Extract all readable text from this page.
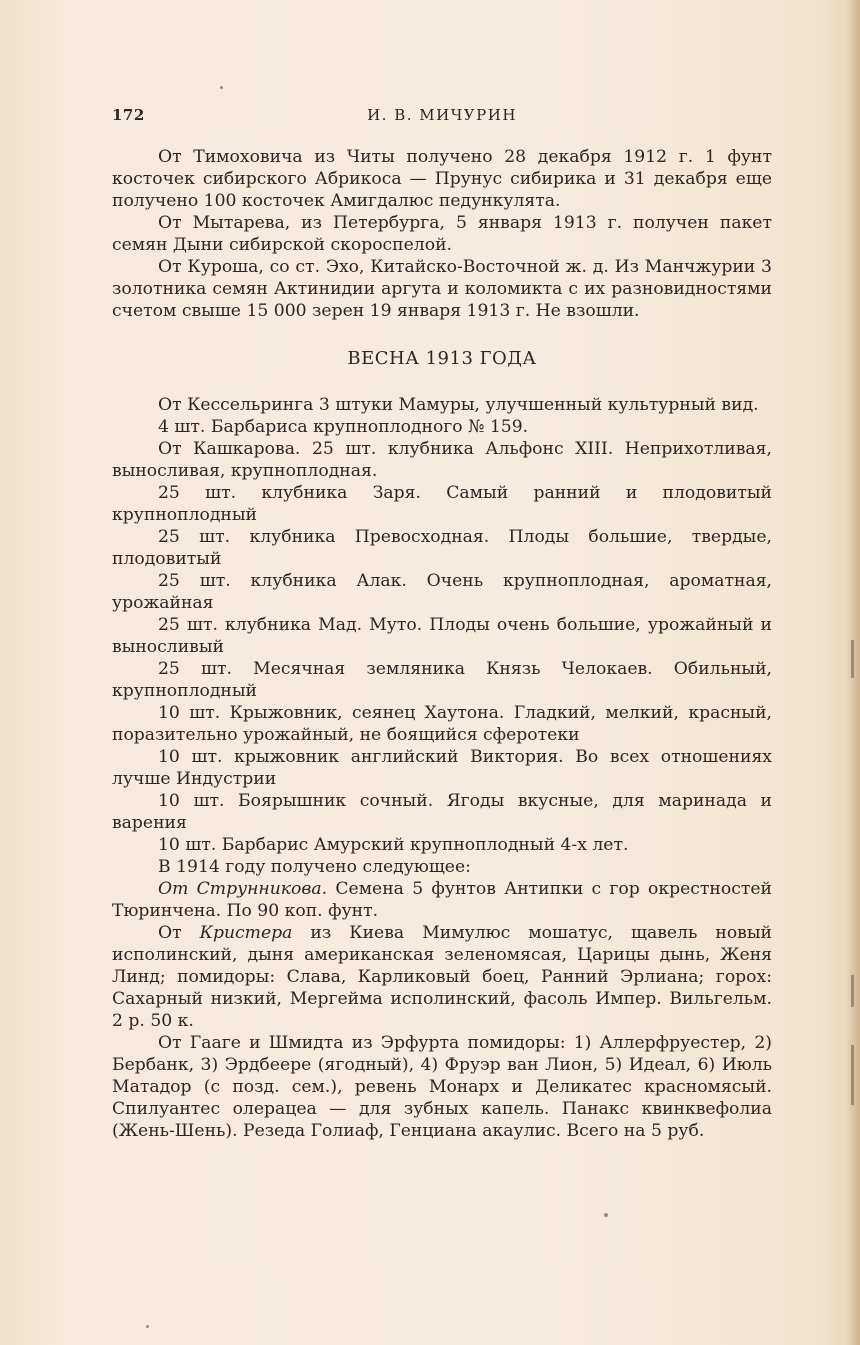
172	И. В. МИЧУРИН

От Тимоховича из Читы получено 28 декабря 1912 г. 1 фунт косточек сибирского Абрикоса — Прунус сибирика и 31 декабря еще получено 100 косточек Амигдалюс педункулята.

От Мытарева, из Петербурга, 5 января 1913 г. получен пакет семян Дыни сибирской скороспелой.

От Куроша, со ст. Эхо, Китайско-Восточной ж. д. Из Манчжурии 3 золотника семян Актинидии аргута и коломикта с их разновидностями счетом свыше 15 000 зерен 19 января 1913 г. Не взошли.

ВЕСНА 1913 ГОДА

От Кессельринга 3 штуки Мамуры, улучшенный культурный вид.

4 шт. Барбариса крупноплодного № 159.

От Кашкарова. 25 шт. клубника Альфонс XIII. Неприхотливая, выносливая, крупноплодная.

25 шт. клубника Заря. Самый ранний и плодовитый крупноплодный

25 шт. клубника Превосходная. Плоды большие, твердые, плодовитый

25 шт. клубника Алак. Очень крупноплодная, ароматная, урожайная

25 шт. клубника Мад. Муто. Плоды очень большие, урожайный и выносливый

25 шт. Месячная земляника Князь Челокаев. Обильный, крупноплодный

10 шт. Крыжовник, сеянец Хаутона. Гладкий, мелкий, красный, поразительно урожайный, не боящийся сферотеки

10 шт. крыжовник английский Виктория. Во всех отношениях лучше Индустрии

10 шт. Боярышник сочный. Ягоды вкусные, для маринада и варения

10 шт. Барбарис Амурский крупноплодный 4-х лет.

В 1914 году получено следующее:

От Струнникова. Семена 5 фунтов Антипки с гор окрестностей Тюринчена. По 90 коп. фунт.

От Кристера из Киева Мимулюс мошатус, щавель новый исполинский, дыня американская зеленомясая, Царицы дынь, Женя Линд; помидоры: Слава, Карликовый боец, Ранний Эрлиана; горох: Сахарный низкий, Мергейма исполинский, фасоль Импер. Вильгельм. 2 р. 50 к.

От Гааге и Шмидта из Эрфурта помидоры: 1) Аллерфруестер, 2) Бербанк, 3) Эрдбеере (ягодный), 4) Фруэр ван Лион, 5) Идеал, 6) Июль Матадор (с позд. сем.), ревень Монарх и Деликатес красномясый. Спилуантес олерацеа — для зубных капель. Панакс квинквефолиа (Жень-Шень). Резеда Голиаф, Генциана акаулис. Всего на 5 руб.
